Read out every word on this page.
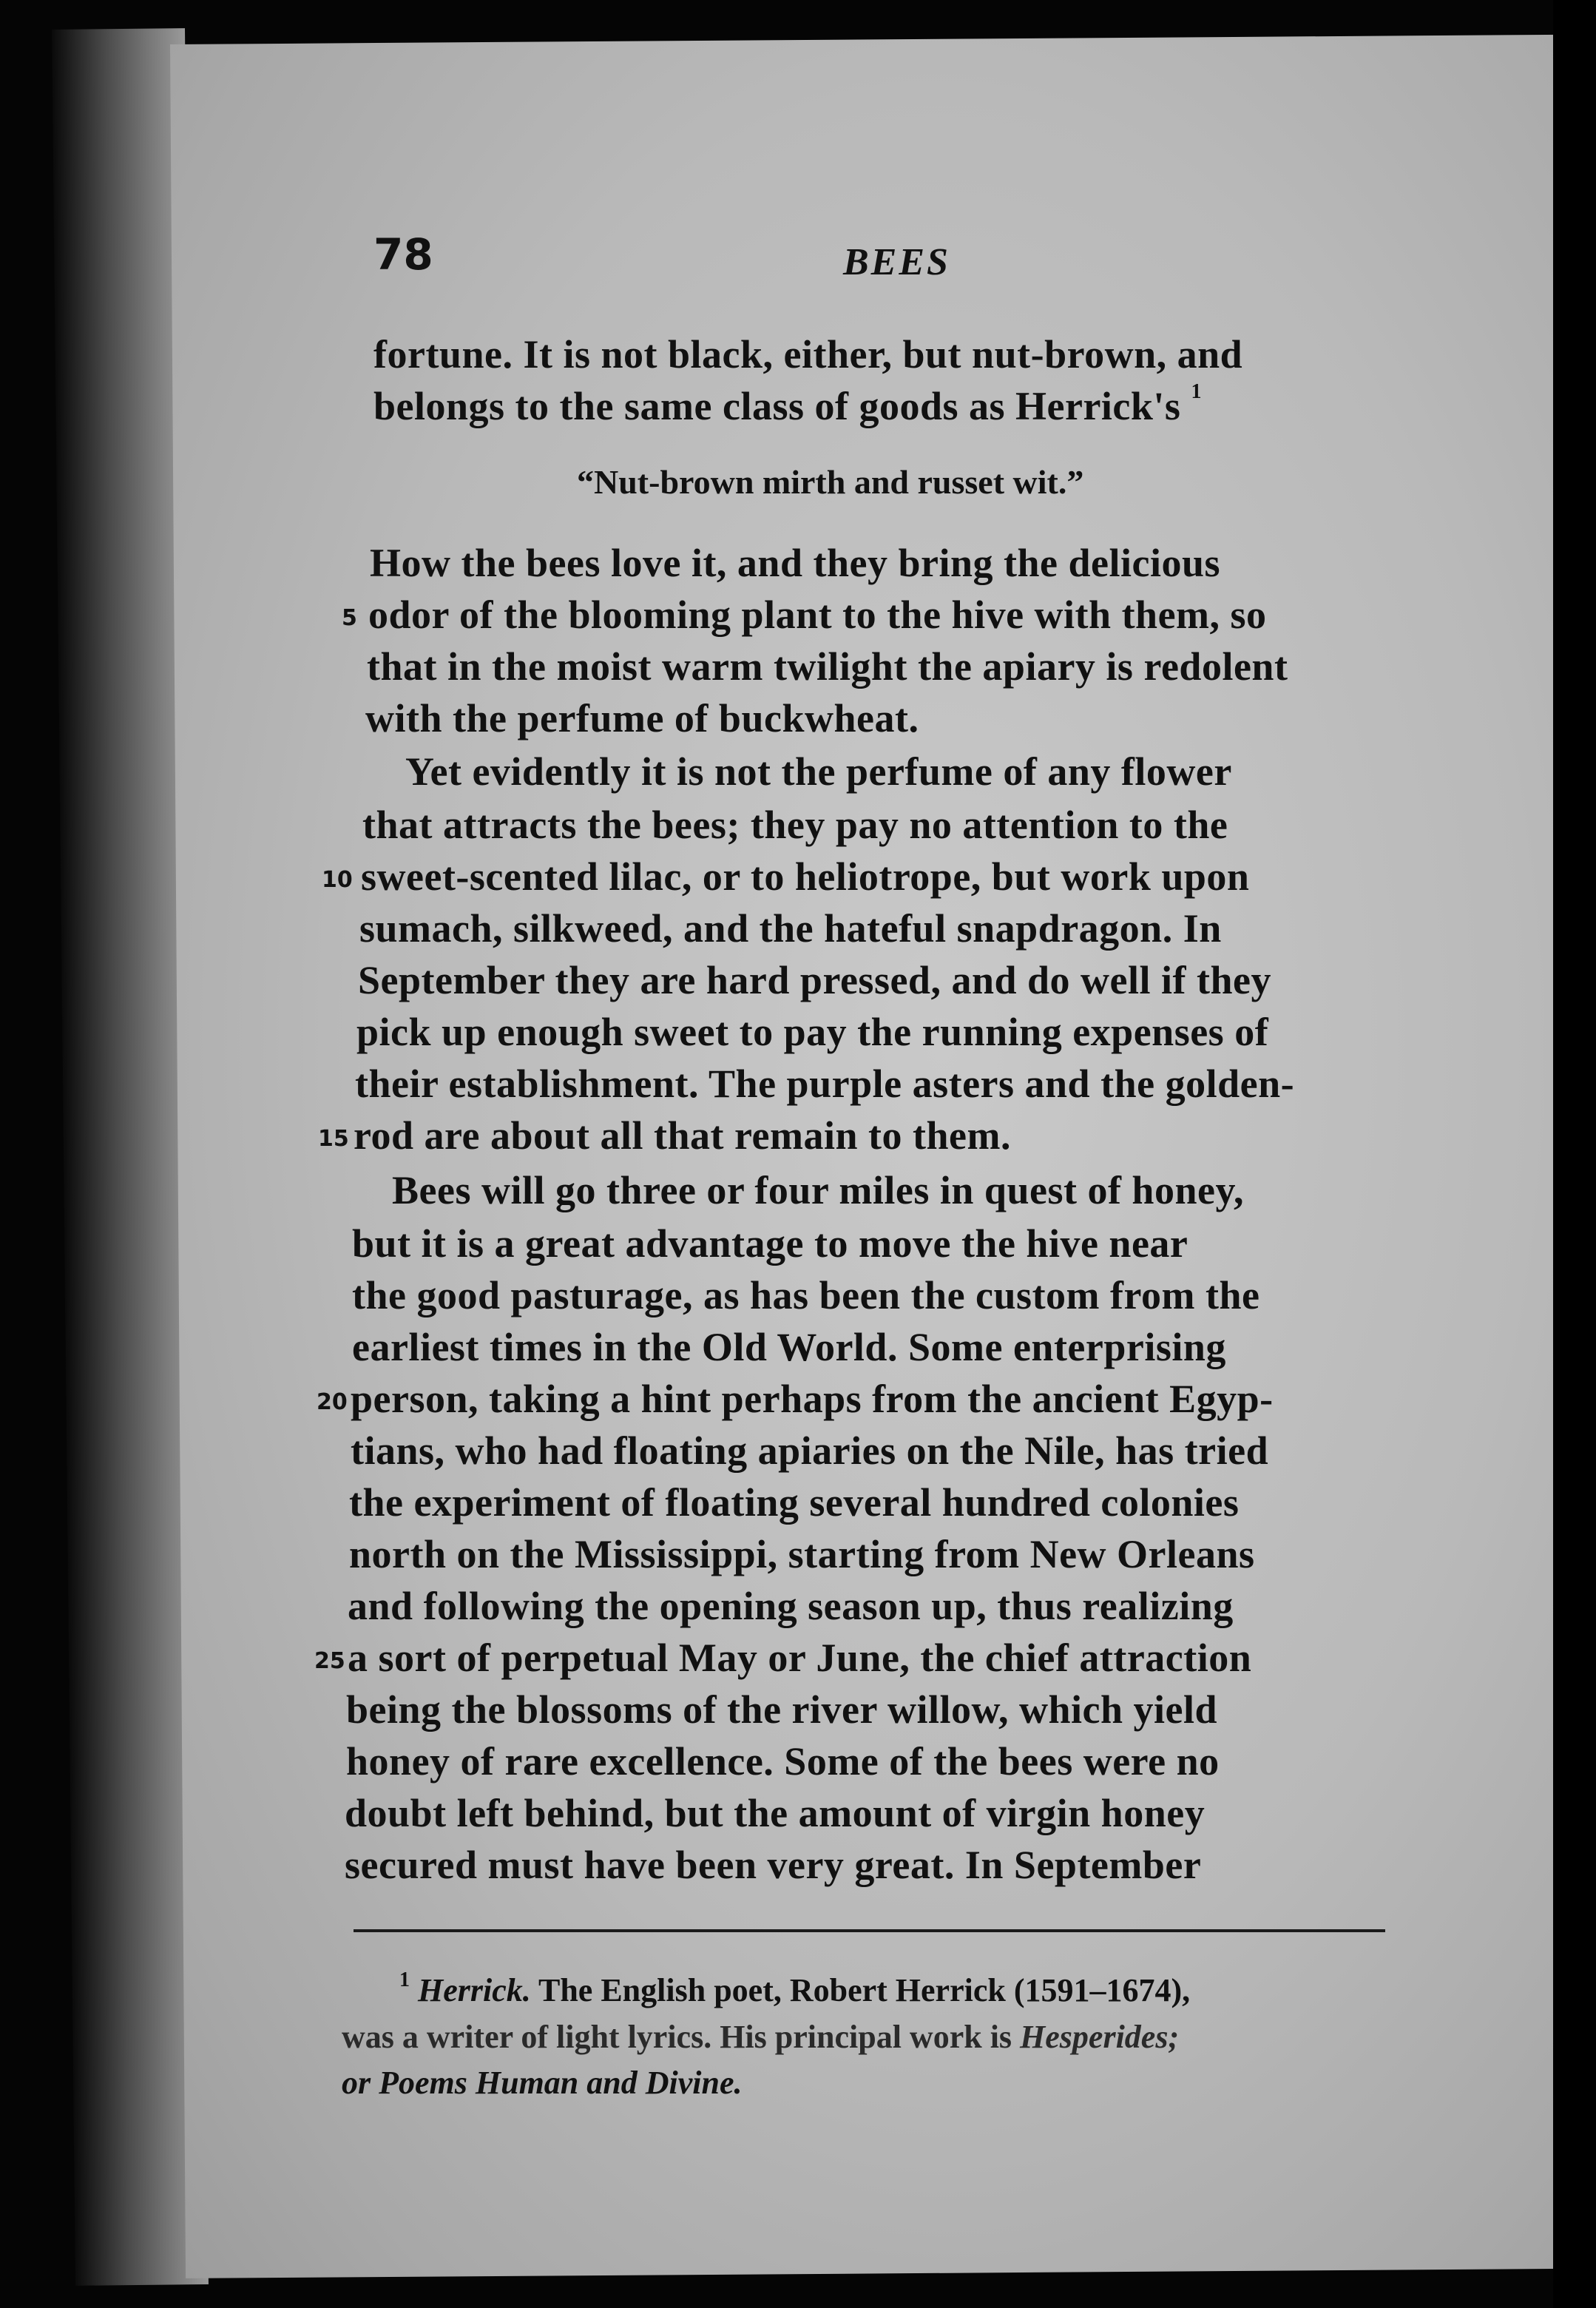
78	BEES
fortune. It is not black, either, but nut-brown, and
belongs to the same class of goods as Herrick's $^1$
“Nut-brown mirth and russet wit.”
How the bees love it, and they bring the delicious
odor of the blooming plant to the hive with them, so
that in the moist warm twilight the apiary is redolent
with the perfume of buckwheat.
Yet evidently it is not the perfume of any flower
that attracts the bees; they pay no attention to the
sweet-scented lilac, or to heliotrope, but work upon
sumach, silkweed, and the hateful snapdragon. In
September they are hard pressed, and do well if they
pick up enough sweet to pay the running expenses of
their establishment. The purple asters and the golden-
rod are about all that remain to them.
Bees will go three or four miles in quest of honey,
but it is a great advantage to move the hive near
the good pasturage, as has been the custom from the
earliest times in the Old World. Some enterprising
person, taking a hint perhaps from the ancient Egyp-
tians, who had floating apiaries on the Nile, has tried
the experiment of floating several hundred colonies
north on the Mississippi, starting from New Orleans
and following the opening season up, thus realizing
a sort of perpetual May or June, the chief attraction
being the blossoms of the river willow, which yield
honey of rare excellence. Some of the bees were no
doubt left behind, but the amount of virgin honey
secured must have been very great. In September
5
10
15
20
25
$^1$ Herrick. The English poet, Robert Herrick (1591–1674),
was a writer of light lyrics. His principal work is Hesperides;
or Poems Human and Divine.
